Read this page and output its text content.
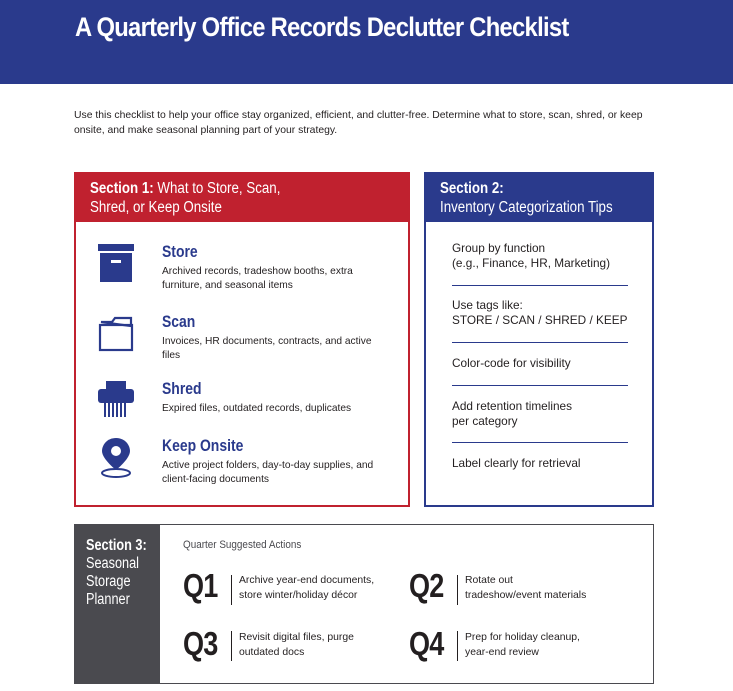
A Quarterly Office Records Declutter Checklist

Use this checklist to help your office stay organized, efficient, and clutter-free. Determine what to store, scan, shred, or keep onsite, and make seasonal planning part of your strategy.

Section 1: What to Store, Scan,
Shred, or Keep Onsite
Store
Archived records, tradeshow booths, extra furniture, and seasonal items
Scan
Invoices, HR documents, contracts, and active files
Shred
Expired files, outdated records, duplicates
Keep Onsite
Active project folders, day-to-day supplies, and client-facing documents
Section 2:
Inventory Categorization Tips
Group by function
(e.g., Finance, HR, Marketing)
Use tags like:
STORE / SCAN / SHRED / KEEP
Color-code for visibility
Add retention timelines
per category
Label clearly for retrieval
Section 3:
Seasonal
Storage
Planner
Quarter Suggested Actions
Q1 Archive year-end documents,
store winter/holiday décor	Q2 Rotate out
tradeshow/event materials
Q3 Revisit digital files, purge
outdated docs	Q4 Prep for holiday cleanup,
year-end review
